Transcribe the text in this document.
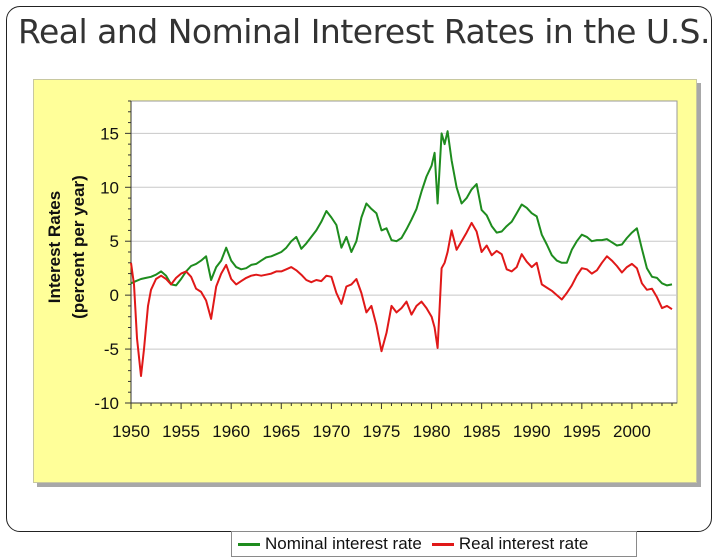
Real and Nominal Interest Rates in the U.S.
15
10
5
0
-5
-10
1950 1955 1960 1965 1970 1975 1980 1985 1990 1995 2000
Interest Rates (percent per year)
Nominal interest rate Real interest rate
